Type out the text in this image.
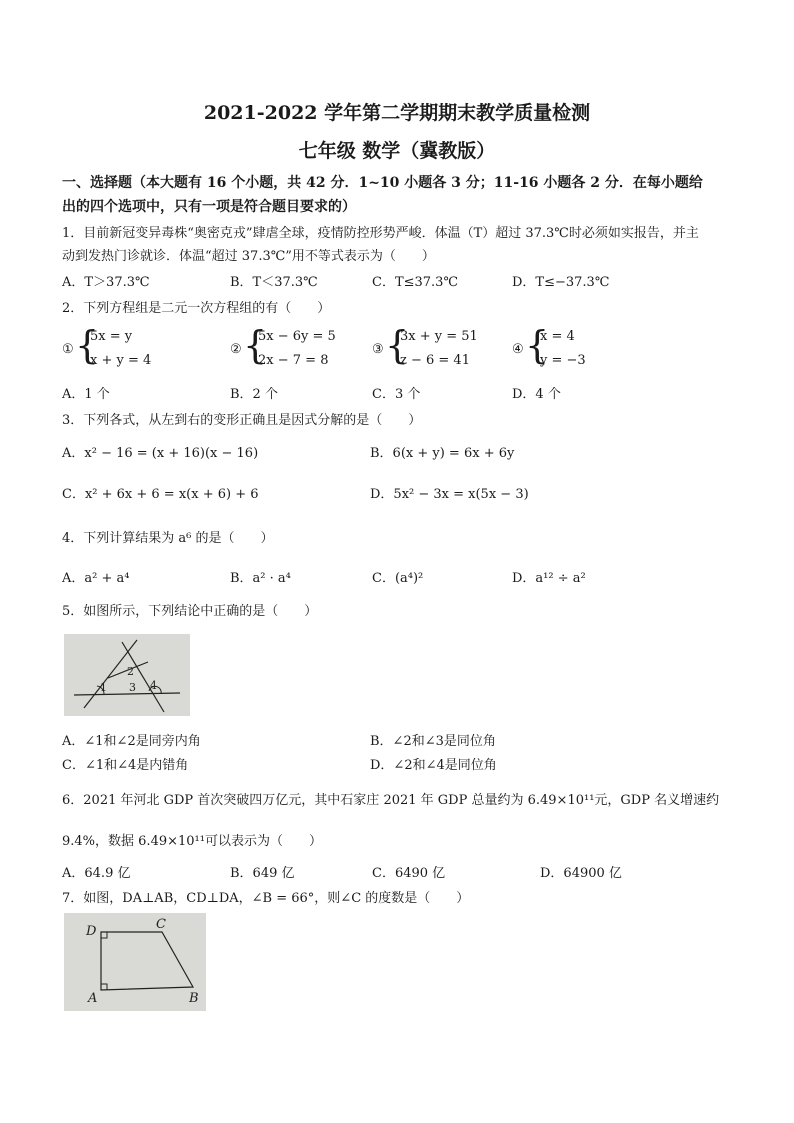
2021-2022 学年第二学期期末教学质量检测
七年级 数学（冀教版）
一、选择题（本大题有 16 个小题，共 42 分．1~10 小题各 3 分；11-16 小题各 2 分．在每小题给
出的四个选项中，只有一项是符合题目要求的）
1．目前新冠变异毒株“奥密克戎”肆虐全球，疫情防控形势严峻．体温（T）超过 37.3℃时必须如实报告，并主
动到发热门诊就诊．体温“超过 37.3℃”用不等式表示为（　　）
A．T＞37.3℃	B．T＜37.3℃	C．T≤37.3℃	D．T≤−37.3℃
2．下列方程组是二元一次方程组的有（　　）
① {
5x = y
x + y = 4
② {
5x − 6y = 5
2x − 7 = 8
③ {
3x + y = 51
z − 6 = 41
④ {
x = 4
y = −3
A．1 个	B．2 个	C．3 个	D．4 个
3．下列各式，从左到右的变形正确且是因式分解的是（　　）
A．x² − 16 = (x + 16)(x − 16)	B．6(x + y) = 6x + 6y
C．x² + 6x + 6 = x(x + 6) + 6	D．5x² − 3x = x(5x − 3)
4．下列计算结果为 a⁶ 的是（　　）
A．a² + a⁴	B．a² · a⁴	C．(a⁴)²	D．a¹² ÷ a²
5．如图所示，下列结论中正确的是（　　）
1
2
3 4
A．∠1和∠2是同旁内角	B．∠2和∠3是同位角
C．∠1和∠4是内错角	D．∠2和∠4是同位角
6．2021 年河北 GDP 首次突破四万亿元，其中石家庄 2021 年 GDP 总量约为 6.49×10¹¹元，GDP 名义增速约
9.4%，数据 6.49×10¹¹可以表示为（　　）
A．64.9 亿	B．649 亿	C．6490 亿	D．64900 亿
7．如图，DA⊥AB，CD⊥DA，∠B = 66°，则∠C 的度数是（　　）
D	C
A	B
